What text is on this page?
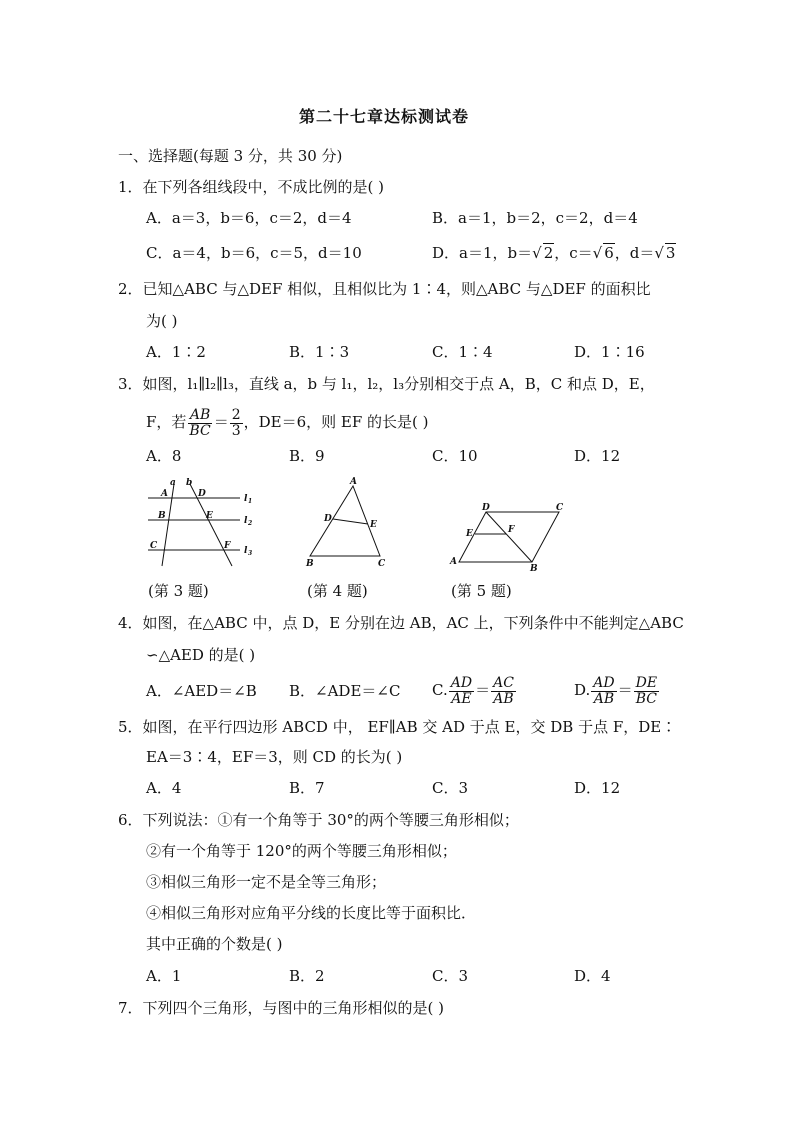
第二十七章达标测试卷
一、选择题(每题 3 分，共 30 分)
1．在下列各组线段中，不成比例的是( )
A．a＝3，b＝6，c＝2，d＝4	B．a＝1，b＝2，c＝2，d＝4
C．a＝4，b＝6，c＝5，d＝10	D．a＝1，b＝√ 2，c＝√ 6，d＝√ 3
2．已知△ABC 与△DEF 相似，且相似比为 1∶4，则△ABC 与△DEF 的面积比
为( )
A．1∶2	B．1∶3	C．1∶4	D．1∶16
3．如图，l₁∥l₂∥l₃，直线 a，b 与 l₁，l₂，l₃分别相交于点 A，B，C 和点 D，E，
F，若 $\frac{AB}{BC} = \frac{2}{3}$ ，DE＝6，则 EF 的长是( )
A．8	B．9	C．10	D．12
a b
A
B
C
D
E
F
l 1
l 2
l 3
(第 3 题)
A
B	C
D
E
(第 4 题)
D	C
E	F
A
B
(第 5 题)
4．如图，在△ABC 中，点 D，E 分别在边 AB，AC 上，下列条件中不能判定△ABC
∽△AED 的是( )
A．∠AED＝∠B B．∠ADE＝∠C C. $\frac{AD}{AE} = \frac{AC}{AB}$	D. $\frac{AD}{AB} = \frac{DE}{BC}$
5．如图，在平行四边形 ABCD 中， EF∥AB 交 AD 于点 E，交 DB 于点 F，DE∶
EA＝3∶4，EF＝3，则 CD 的长为( )
A．4	B．7	C．3	D．12
6．下列说法：①有一个角等于 30°的两个等腰三角形相似；
②有一个角等于 120°的两个等腰三角形相似；
③相似三角形一定不是全等三角形；
④相似三角形对应角平分线的长度比等于面积比．
其中正确的个数是( )
A．1	B．2	C．3	D．4
7．下列四个三角形，与图中的三角形相似的是( )
